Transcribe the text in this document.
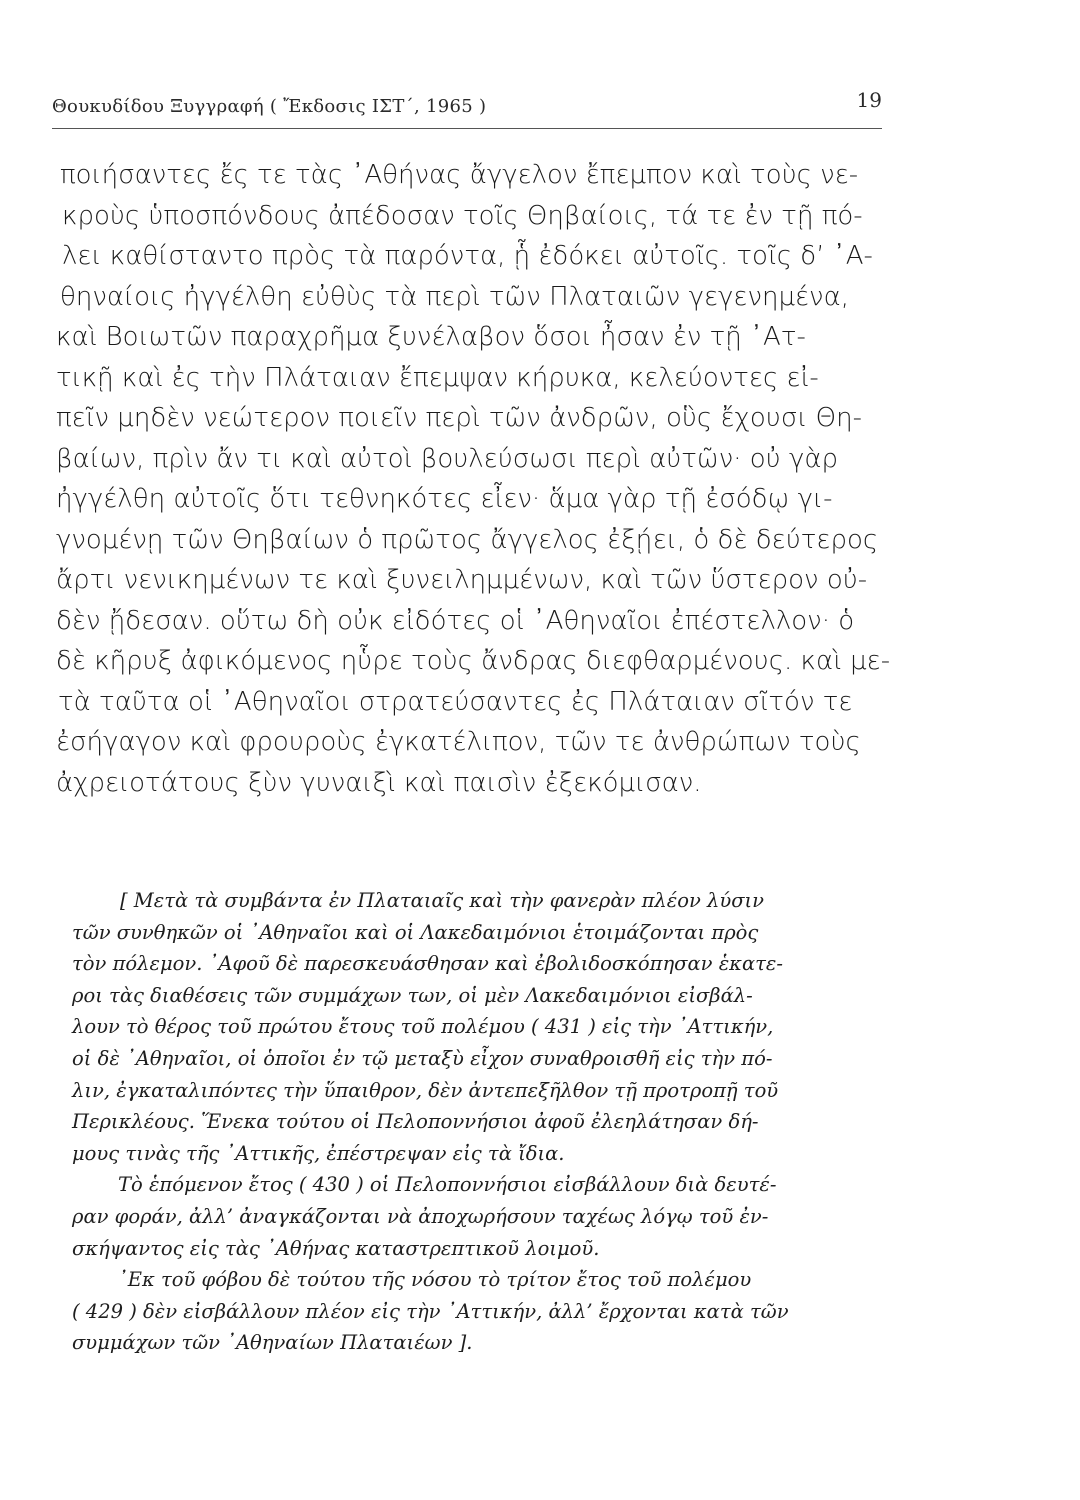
Θουκυδίδου Ξυγγραφή ( Ἔκδοσις ΙΣΤ΄, 1965 )	19
ποιήσαντες ἔς τε τὰς ᾿Αθήνας ἄγγελον ἔπεμπον καὶ τοὺς νε-
κροὺς ὑποσπόνδους ἀπέδοσαν τοῖς Θηβαίοις, τά τε ἐν τῇ πό-
λει καθίσταντο πρὸς τὰ παρόντα, ᾗ ἐδόκει αὐτοῖς. τοῖς δ’ ᾿Α-
θηναίοις ἠγγέλθη εὐθὺς τὰ περὶ τῶν Πλαταιῶν γεγενημένα,
καὶ Βοιωτῶν παραχρῆμα ξυνέλαβον ὅσοι ἦσαν ἐν τῇ ᾿Ατ-
τικῇ καὶ ἐς τὴν Πλάταιαν ἔπεμψαν κήρυκα, κελεύοντες εἰ-
πεῖν μηδὲν νεώτερον ποιεῖν περὶ τῶν ἀνδρῶν, οὓς ἔχουσι Θη-
βαίων, πρὶν ἄν τι καὶ αὐτοὶ βουλεύσωσι περὶ αὐτῶν· οὐ γὰρ
ἠγγέλθη αὐτοῖς ὅτι τεθνηκότες εἶεν· ἅμα γὰρ τῇ ἐσόδῳ γι-
γνομένῃ τῶν Θηβαίων ὁ πρῶτος ἄγγελος ἐξῄει, ὁ δὲ δεύτερος
ἄρτι νενικημένων τε καὶ ξυνειλημμένων, καὶ τῶν ὕστερον οὐ-
δὲν ᾔδεσαν. οὕτω δὴ οὐκ εἰδότες οἱ ᾿Αθηναῖοι ἐπέστελλον· ὁ
δὲ κῆρυξ ἀφικόμενος ηὗρε τοὺς ἄνδρας διεφθαρμένους. καὶ με-
τὰ ταῦτα οἱ ᾿Αθηναῖοι στρατεύσαντες ἐς Πλάταιαν σῖτόν τε
ἐσήγαγον καὶ φρουροὺς ἐγκατέλιπον, τῶν τε ἀνθρώπων τοὺς
ἀχρειοτάτους ξὺν γυναιξὶ καὶ παισὶν ἐξεκόμισαν.
[ Μετὰ τὰ συμβάντα ἐν Πλαταιαῖς καὶ τὴν φανερὰν πλέον λύσιν
τῶν συνθηκῶν οἱ ᾿Αθηναῖοι καὶ οἱ Λακεδαιμόνιοι ἑτοιμάζονται πρὸς
τὸν πόλεμον. ᾿Αφοῦ δὲ παρεσκευάσθησαν καὶ ἐβολιδοσκόπησαν ἑκατε-
ροι τὰς διαθέσεις τῶν συμμάχων των, οἱ μὲν Λακεδαιμόνιοι εἰσβάλ-
λουν τὸ θέρος τοῦ πρώτου ἔτους τοῦ πολέμου ( 431 ) εἰς τὴν ᾿Αττικήν,
οἱ δὲ ᾿Αθηναῖοι, οἱ ὁποῖοι ἐν τῷ μεταξὺ εἶχον συναθροισθῆ εἰς τὴν πό-
λιν, ἐγκαταλιπόντες τὴν ὕπαιθρον, δὲν ἀντεπεξῆλθον τῇ προτροπῇ τοῦ
Περικλέους. Ἕνεκα τούτου οἱ Πελοποννήσιοι ἀφοῦ ἐλεηλάτησαν δή-
μους τινὰς τῆς ᾿Αττικῆς, ἐπέστρεψαν εἰς τὰ ἴδια.
Τὸ ἑπόμενον ἔτος ( 430 ) οἱ Πελοποννήσιοι εἰσβάλλουν διὰ δευτέ-
ραν φοράν, ἀλλ’ ἀναγκάζονται νὰ ἀποχωρήσουν ταχέως λόγῳ τοῦ ἐν-
σκήψαντος εἰς τὰς ᾿Αθήνας καταστρεπτικοῦ λοιμοῦ.
᾿Εκ τοῦ φόβου δὲ τούτου τῆς νόσου τὸ τρίτον ἔτος τοῦ πολέμου
( 429 ) δὲν εἰσβάλλουν πλέον εἰς τὴν ᾿Αττικήν, ἀλλ’ ἔρχονται κατὰ τῶν
συμμάχων τῶν ᾿Αθηναίων Πλαταιέων ].
